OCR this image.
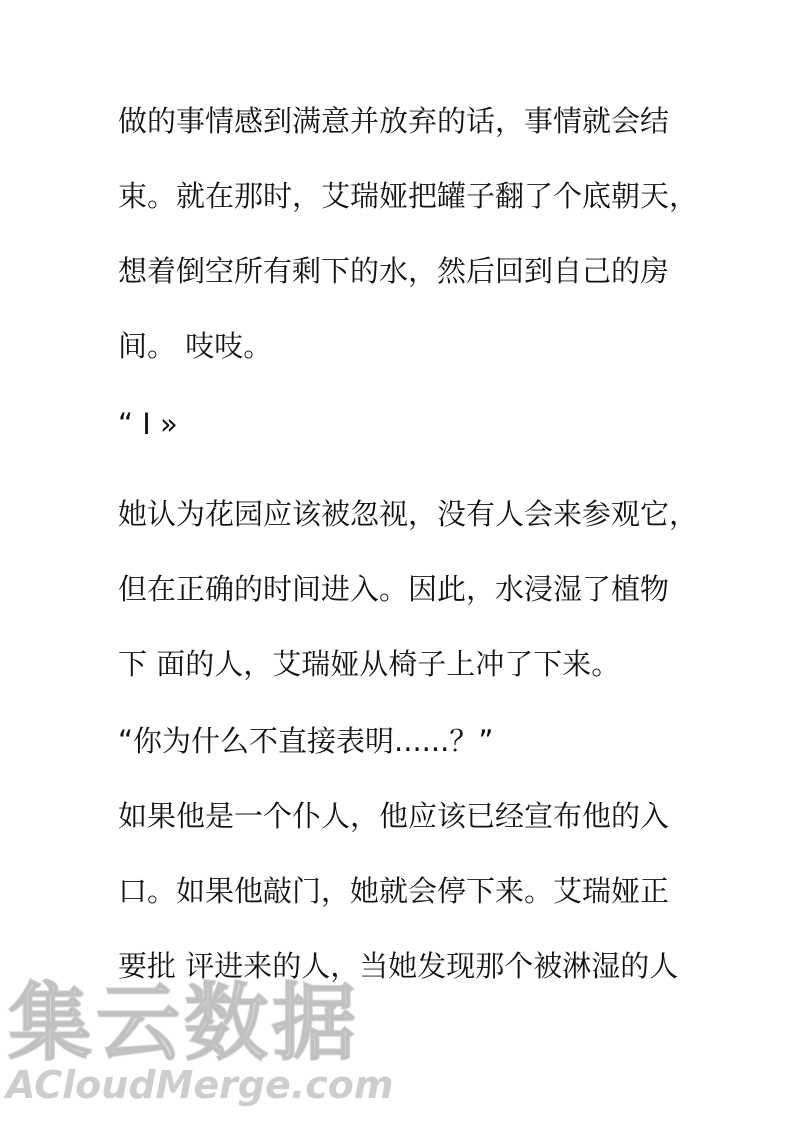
做的事情感到满意并放弃的话，事情就会结
束。就在那时，艾瑞娅把罐子翻了个底朝天，
想着倒空所有剩下的水，然后回到自己的房
间。 吱吱。
“ I »
她认为花园应该被忽视，没有人会来参观它，
但在正确的时间进入。因此，水浸湿了植物
下 面的人，艾瑞娅从椅子上冲了下来。
“你为什么不直接表明......？”
如果他是一个仆人，他应该已经宣布他的入
口。如果他敲门，她就会停下来。艾瑞娅正
要批 评进来的人，当她发现那个被淋湿的人
集云数据
ACloudMerge.com
